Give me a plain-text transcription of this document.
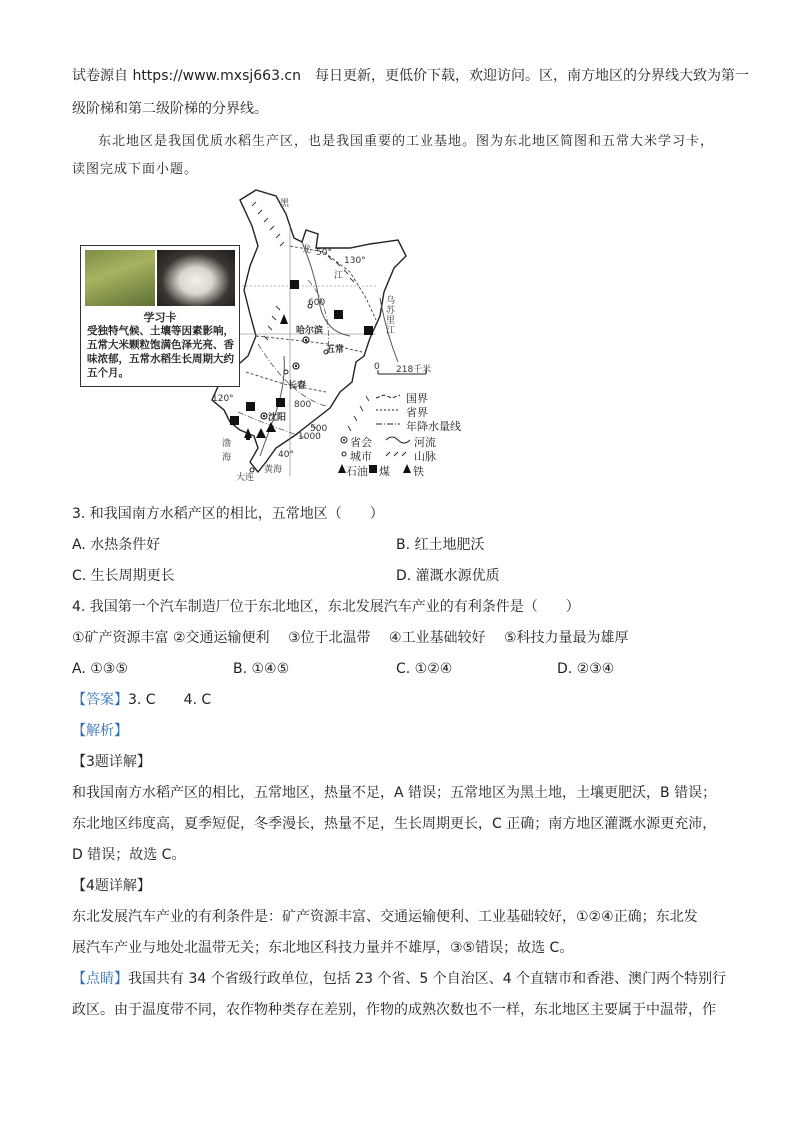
试卷源自 https://www.mxsj663.cn　每日更新，更低价下载，欢迎访问。区，南方地区的分界线大致为第一
级阶梯和第二级阶梯的分界线。
东北地区是我国优质水稻生产区，也是我国重要的工业基地。图为东北地区简图和五常大米学习卡，
读图完成下面小题。
黑
龙
江
乌苏里江
哈尔滨
五常
长春
沈阳
渤
海
黄海
大连
50°
130°
120°
40°
600
800
1000
500
0 218千米
国界
省界
年降水量线
省会	河流
城市	山脉
石油 煤 铁
学习卡
受独特气候、土壤等因素影响，五常大米颗粒饱满色泽光亮、香味浓郁，五常水稻生长周期大约五个月。
3. 和我国南方水稻产区的相比，五常地区（　　）
A. 水热条件好	B. 红土地肥沃
C. 生长周期更长	D. 灌溉水源优质
4. 我国第一个汽车制造厂位于东北地区，东北发展汽车产业的有利条件是（　　）
①矿产资源丰富 ②交通运输便利　 ③位于北温带　 ④工业基础较好　 ⑤科技力量最为雄厚
A. ①③⑤	B. ①④⑤	C. ①②④	D. ②③④
【答案】3. C　　4. C
【解析】
【3题详解】
和我国南方水稻产区的相比，五常地区，热量不足，A 错误；五常地区为黑土地，土壤更肥沃，B 错误；
东北地区纬度高，夏季短促，冬季漫长，热量不足，生长周期更长，C 正确；南方地区灌溉水源更充沛，
D 错误；故选 C。
【4题详解】
东北发展汽车产业的有利条件是：矿产资源丰富、交通运输便利、工业基础较好，①②④正确；东北发
展汽车产业与地处北温带无关；东北地区科技力量并不雄厚，③⑤错误；故选 C。
【点睛】我国共有 34 个省级行政单位，包括 23 个省、5 个自治区、4 个直辖市和香港、澳门两个特别行
政区。由于温度带不同，农作物种类存在差别，作物的成熟次数也不一样，东北地区主要属于中温带，作
